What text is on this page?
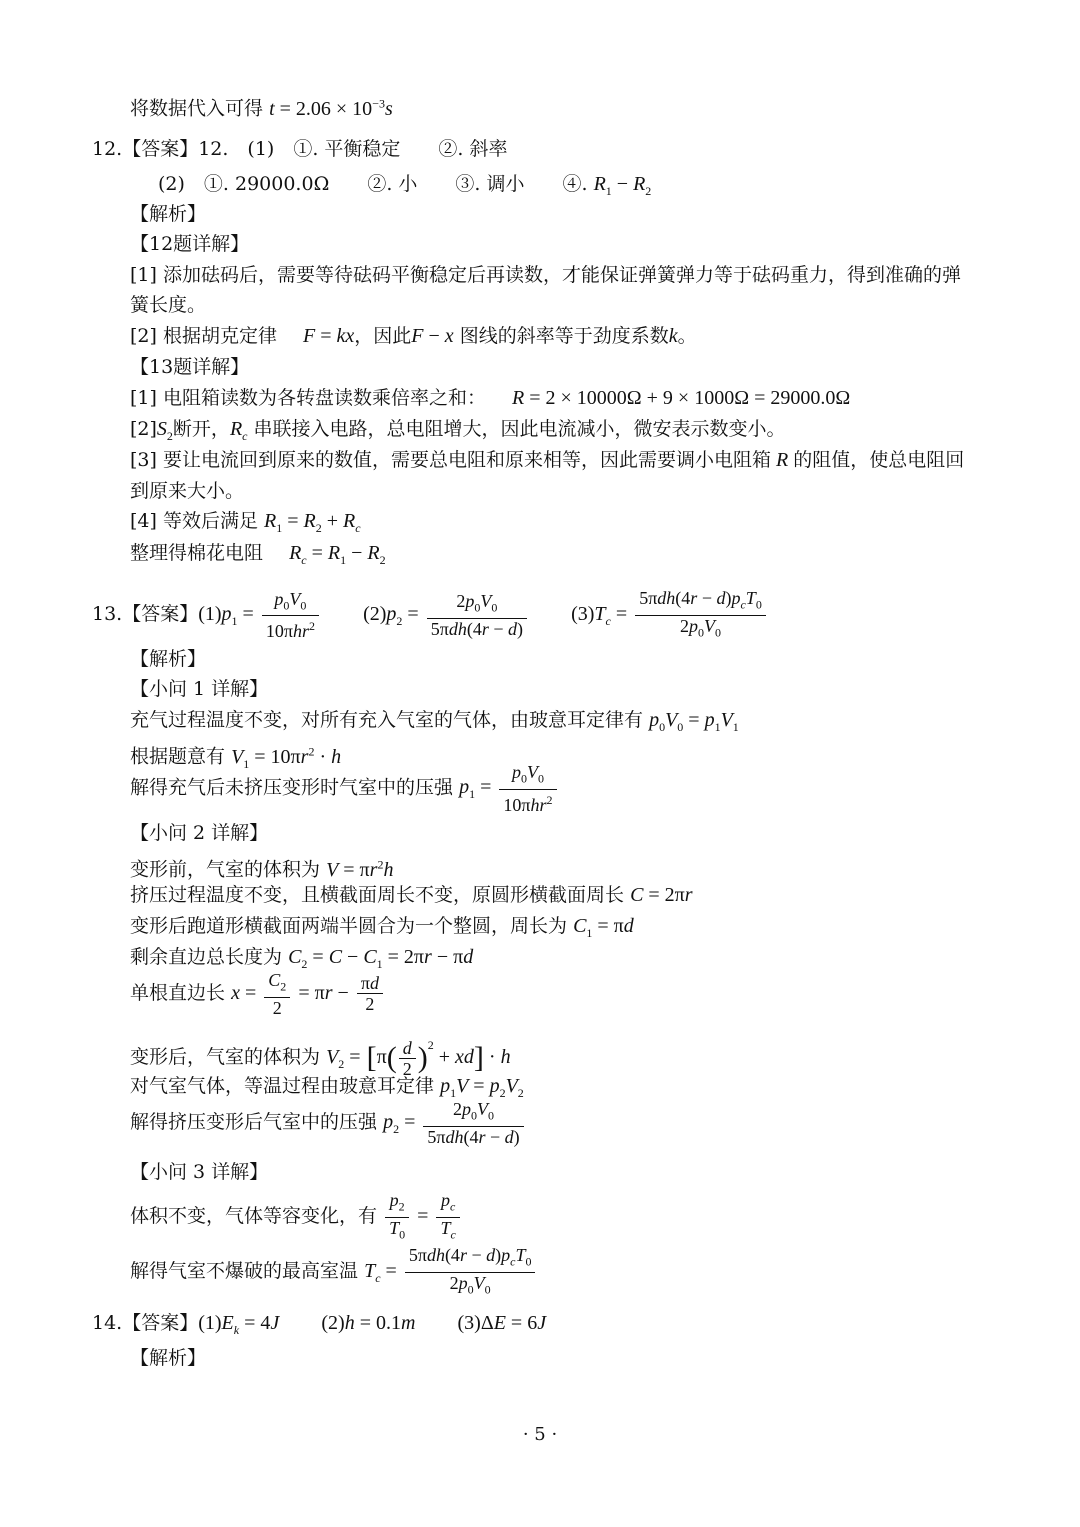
将数据代入可得 $t = 2.06 \times 10^{-3}s$
12.【答案】12.　(1)　①. 平衡稳定　　②. 斜率
(2)　①. 29000.0Ω　　②. 小　　③. 调小　　④. $R_1 - R_2$
【解析】
【12题详解】
[1] 添加砝码后，需要等待砝码平衡稳定后再读数，才能保证弹簧弹力等于砝码重力，得到准确的弹
簧长度。
[2] 根据胡克定律 　 F = kx，因此F − x 图线的斜率等于劲度系数k。
【13题详解】
[1] 电阻箱读数为各转盘读数乘倍率之和： 　 R = 2 × 10000Ω + 9 × 1000Ω = 29000.0Ω
$[2]S_2$断开，$R_c$ 串联接入电路，总电阻增大，因此电流减小，微安表示数变小。
[3] 要让电流回到原来的数值，需要总电阻和原来相等，因此需要调小电阻箱 R 的阻值，使总电阻回
到原来大小。
[4] 等效后满足 $R_1 = R_2 + R_c$
整理得棉花电阻 　 $R_c = R_1 - R_2$
13.【答案】$(1)p_1 = \frac{p_0V_0}{10\pi hr^2} (2)p_2 = \frac{2p_0V_0}{\text{5πdh(4r − d)}} (3)T_c = \frac{5\pi dh(4r - d)p_cT_0}{2p_0V_0}$
【解析】
【小问 1 详解】
充气过程温度不变，对所有充入气室的气体，由玻意耳定律有 $p_0V_0 = p_1V_1$
根据题意有 $V_1 = 10\pi r^2 \cdot h$
解得充气后未挤压变形时气室中的压强 $p_1 = \frac{p_0V_0}{10\pi hr^2}$
【小问 2 详解】
变形前，气室的体积为 $V = \pi r^2h$
挤压过程温度不变，且横截面周长不变，原圆形横截面周长 C = 2πr
变形后跑道形横截面两端半圆合为一个整圆，周长为 $C_1 = \pi d$
剩余直边总长度为 $C_2 = C - C_1 = 2\pi r - \pi d$
单根直边长 $x = \frac{C_2}{2} = \pi r - \frac{\pi d}{2}$
变形后，气室的体积为 $V_2 = [\pi( \frac{d}{2} )^2 + xd] \cdot h$
对气室气体，等温过程由玻意耳定律 $p_1V = p_2V_2$
解得挤压变形后气室中的压强 $p_2 = \frac{2p_0V_0}{\text{5πdh(4r − d)}}$
【小问 3 详解】
体积不变，气体等容变化，有 $\frac{p_2}{T_0} = \frac{p_c}{T_c}$
解得气室不爆破的最高室温 $T_c = \frac{5\pi dh(4r - d)p_cT_0}{2p_0V_0}$
14.【答案】$(1)E_k = 4J$ (2)h = 0.1m (3)ΔE = 6J
【解析】
· 5 ·
